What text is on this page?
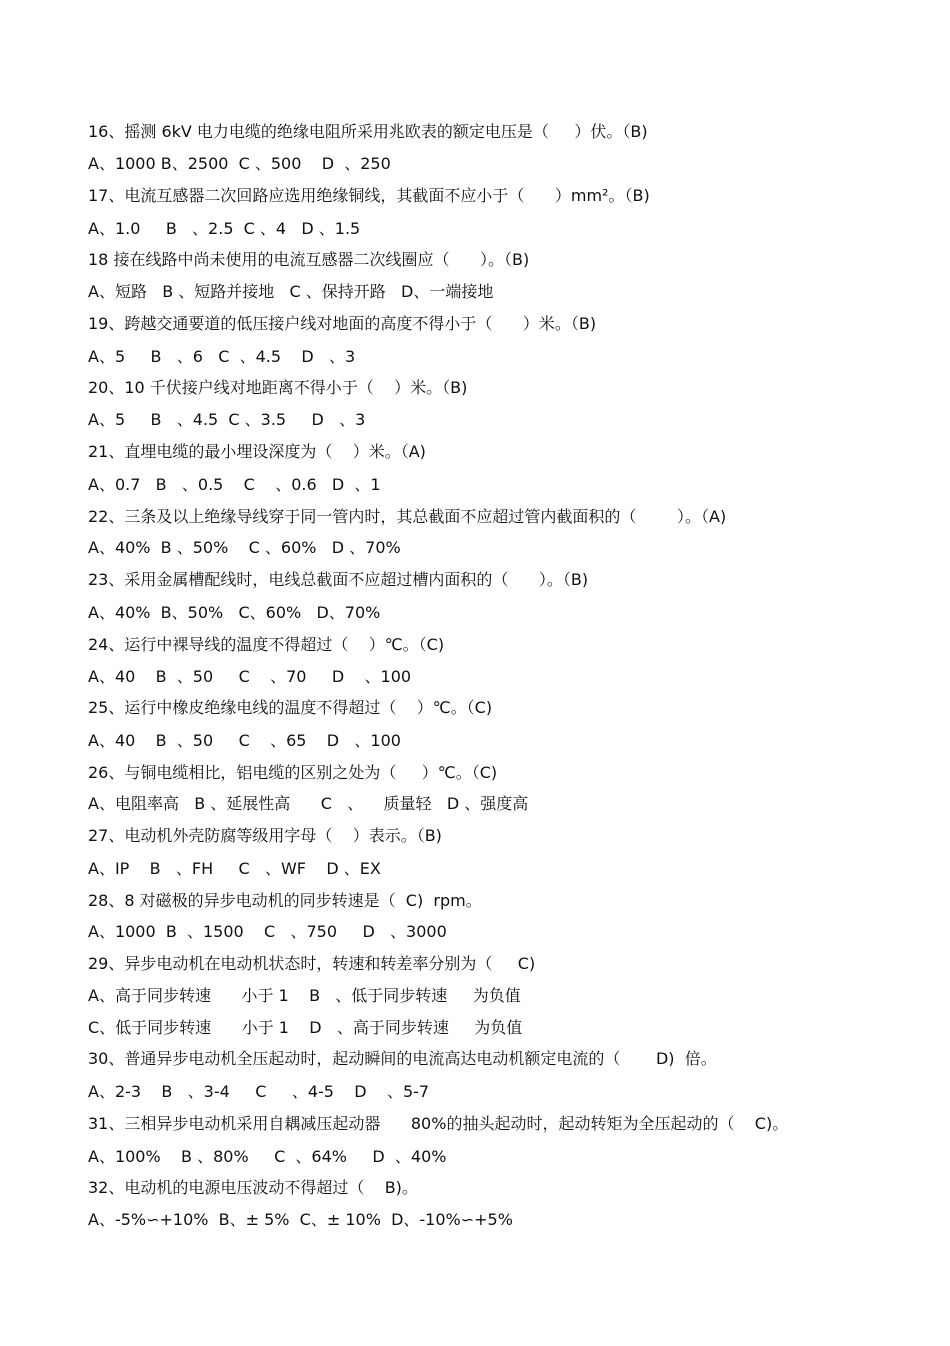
16、摇测 6kV 电力电缆的绝缘电阻所采用兆欧表的额定电压是（     ）伏。（B)
A、1000 B、2500  C 、500    D  、250
17、电流互感器二次回路应选用绝缘铜线，其截面不应小于（      ）mm²。（B)
A、1.0     B   、2.5  C 、4   D 、1.5
18 接在线路中尚未使用的电流互感器二次线圈应（      ）。（B)
A、短路   B 、短路并接地   C 、保持开路   D、一端接地
19、跨越交通要道的低压接户线对地面的高度不得小于（      ）米。（B)
A、5     B   、6   C  、4.5    D   、3
20、10 千伏接户线对地距离不得小于（    ）米。（B)
A、5     B   、4.5  C 、3.5     D   、3
21、直埋电缆的最小埋设深度为（    ）米。（A)
A、0.7   B   、0.5    C    、0.6   D  、1
22、三条及以上绝缘导线穿于同一管内时，其总截面不应超过管内截面积的（        ）。（A)
A、40%  B 、50%    C 、60%   D 、70%
23、采用金属槽配线时，电线总截面不应超过槽内面积的（      ）。（B)
A、40%  B、50%   C、60%   D、70%
24、运行中裸导线的温度不得超过（    ）℃。（C)
A、40    B  、50     C    、70     D    、100
25、运行中橡皮绝缘电线的温度不得超过（    ）℃。（C)
A、40    B  、50     C    、65    D   、100
26、与铜电缆相比，铝电缆的区别之处为（     ）℃。（C)
A、电阻率高   B 、延展性高      C   、    质量轻   D 、强度高
27、电动机外壳防腐等级用字母（    ）表示。（B)
A、IP    B   、FH     C   、WF    D 、EX
28、8 对磁极的异步电动机的同步转速是（  C)  rpm。
A、1000  B  、1500    C   、750     D   、3000
29、异步电动机在电动机状态时，转速和转差率分别为（     C)
A、高于同步转速      小于 1    B   、低于同步转速     为负值
C、低于同步转速      小于 1    D   、高于同步转速     为负值
30、普通异步电动机全压起动时，起动瞬间的电流高达电动机额定电流的（       D)  倍。
A、2-3    B   、3-4     C     、4-5    D    、5-7
31、三相异步电动机采用自耦减压起动器      80%的抽头起动时，起动转矩为全压起动的（    C)。
A、100%    B 、80%     C  、64%     D  、40%
32、电动机的电源电压波动不得超过（    B)。
A、-5%∽+10%  B、± 5%  C、± 10%  D、-10%∽+5%
